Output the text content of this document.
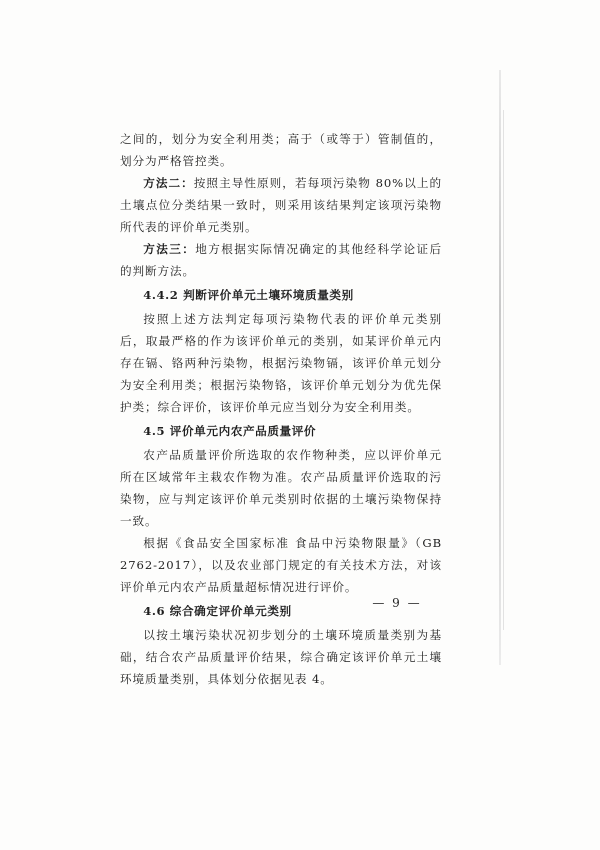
之间的，划分为安全利用类；高于（或等于）管制值的，划分为严格管控类。

方法二：按照主导性原则，若每项污染物 80%以上的土壤点位分类结果一致时，则采用该结果判定该项污染物所代表的评价单元类别。

方法三：地方根据实际情况确定的其他经科学论证后的判断方法。

4.4.2 判断评价单元土壤环境质量类别

按照上述方法判定每项污染物代表的评价单元类别后，取最严格的作为该评价单元的类别，如某评价单元内存在镉、铬两种污染物，根据污染物镉，该评价单元划分为安全利用类；根据污染物铬，该评价单元划分为优先保护类；综合评价，该评价单元应当划分为安全利用类。

4.5 评价单元内农产品质量评价

农产品质量评价所选取的农作物种类，应以评价单元所在区域常年主栽农作物为准。农产品质量评价选取的污染物，应与判定该评价单元类别时依据的土壤污染物保持一致。

根据《食品安全国家标准 食品中污染物限量》（GB 2762-2017），以及农业部门规定的有关技术方法，对该评价单元内农产品质量超标情况进行评价。

4.6 综合确定评价单元类别

以按土壤污染状况初步划分的土壤环境质量类别为基础，结合农产品质量评价结果，综合确定该评价单元土壤环境质量类别，具体划分依据见表 4。

— 9 —
